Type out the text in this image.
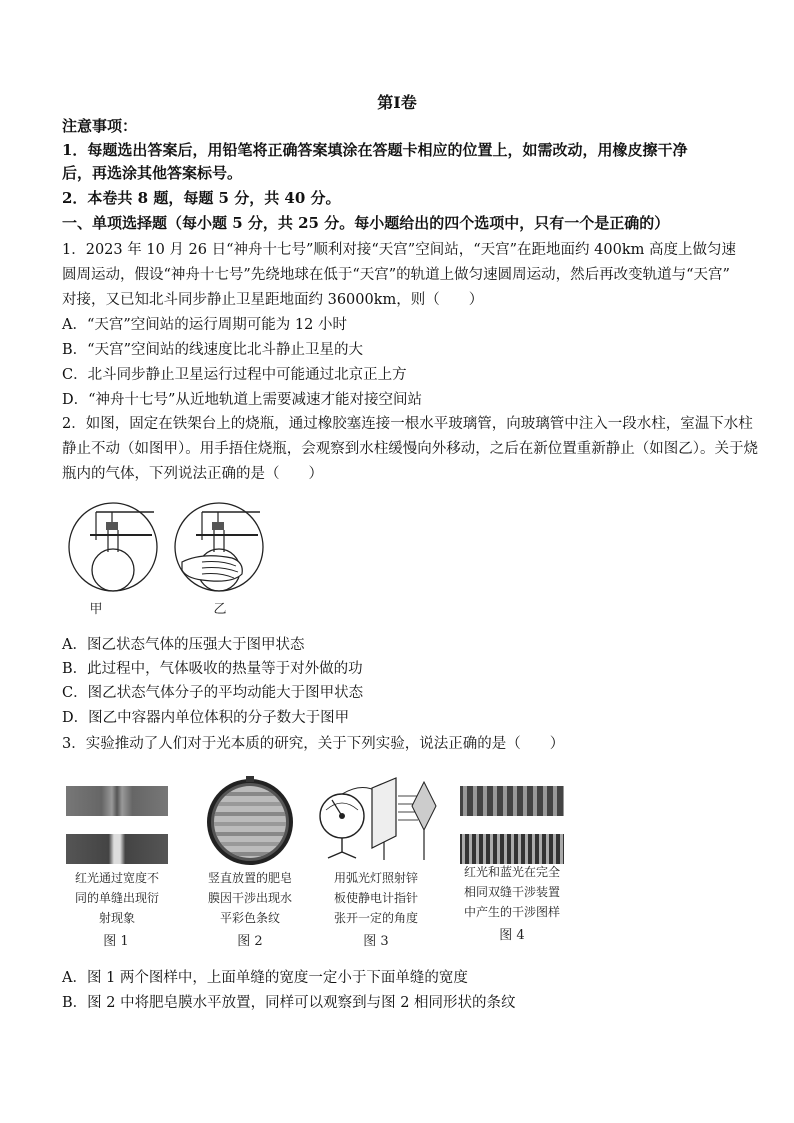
第Ⅰ卷
注意事项：
1．每题选出答案后，用铅笔将正确答案填涂在答题卡相应的位置上，如需改动，用橡皮擦干净
后，再选涂其他答案标号。
2．本卷共 8 题，每题 5 分，共 40 分。
一、单项选择题（每小题 5 分，共 25 分。每小题给出的四个选项中，只有一个是正确的）
1．2023 年 10 月 26 日“神舟十七号”顺利对接“天宫”空间站，“天宫”在距地面约 400km 高度上做匀速
圆周运动，假设“神舟十七号”先绕地球在低于“天宫”的轨道上做匀速圆周运动，然后再改变轨道与“天宫”
对接，又已知北斗同步静止卫星距地面约 36000km，则（　　）
A．“天宫”空间站的运行周期可能为 12 小时
B．“天宫”空间站的线速度比北斗静止卫星的大
C．北斗同步静止卫星运行过程中可能通过北京正上方
D．“神舟十七号”从近地轨道上需要减速才能对接空间站
2．如图，固定在铁架台上的烧瓶，通过橡胶塞连接一根水平玻璃管，向玻璃管中注入一段水柱，室温下水柱
静止不动（如图甲）。用手捂住烧瓶，会观察到水柱缓慢向外移动，之后在新位置重新静止（如图乙）。关于烧
瓶内的气体，下列说法正确的是（　　）
甲	乙
A．图乙状态气体的压强大于图甲状态
B．此过程中，气体吸收的热量等于对外做的功
C．图乙状态气体分子的平均动能大于图甲状态
D．图乙中容器内单位体积的分子数大于图甲
3．实验推动了人们对于光本质的研究，关于下列实验，说法正确的是（　　）
红光通过宽度不
同的单缝出现衍
射现象
图 1
竖直放置的肥皂
膜因干涉出现水
平彩色条纹
图 2
用弧光灯照射锌
板使静电计指针
张开一定的角度
图 3
红光和蓝光在完全
相同双缝干涉装置
中产生的干涉图样
图 4
A．图 1 两个图样中，上面单缝的宽度一定小于下面单缝的宽度
B．图 2 中将肥皂膜水平放置，同样可以观察到与图 2 相同形状的条纹
